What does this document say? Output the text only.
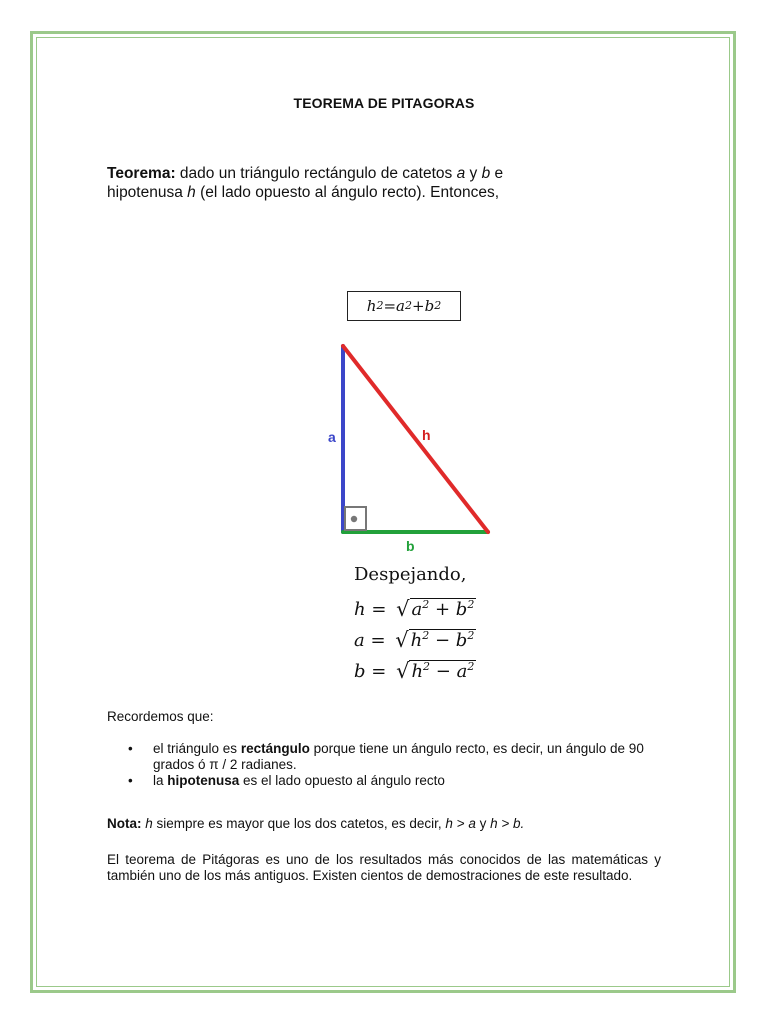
TEOREMA DE PITAGORAS
Teorema: dado un triángulo rectángulo de catetos a y b e
hipotenusa h (el lado opuesto al ángulo recto). Entonces,
h 2 = a 2 + b 2
a	h
b
Despejando,
h = √ $a^2 + b^2$
a = √ $h^2 - b^2$
b = √ $h^2 - a^2$
Recordemos que:
• el triángulo es rectángulo porque tiene un ángulo recto, es decir, un ángulo de 90 grados ó π / 2 radianes.
• la hipotenusa es el lado opuesto al ángulo recto
Nota: h siempre es mayor que los dos catetos, es decir, h > a y h > b.
El teorema de Pitágoras es uno de los resultados más conocidos de las matemáticas y también uno de los más antiguos. Existen cientos de demostraciones de este resultado.
